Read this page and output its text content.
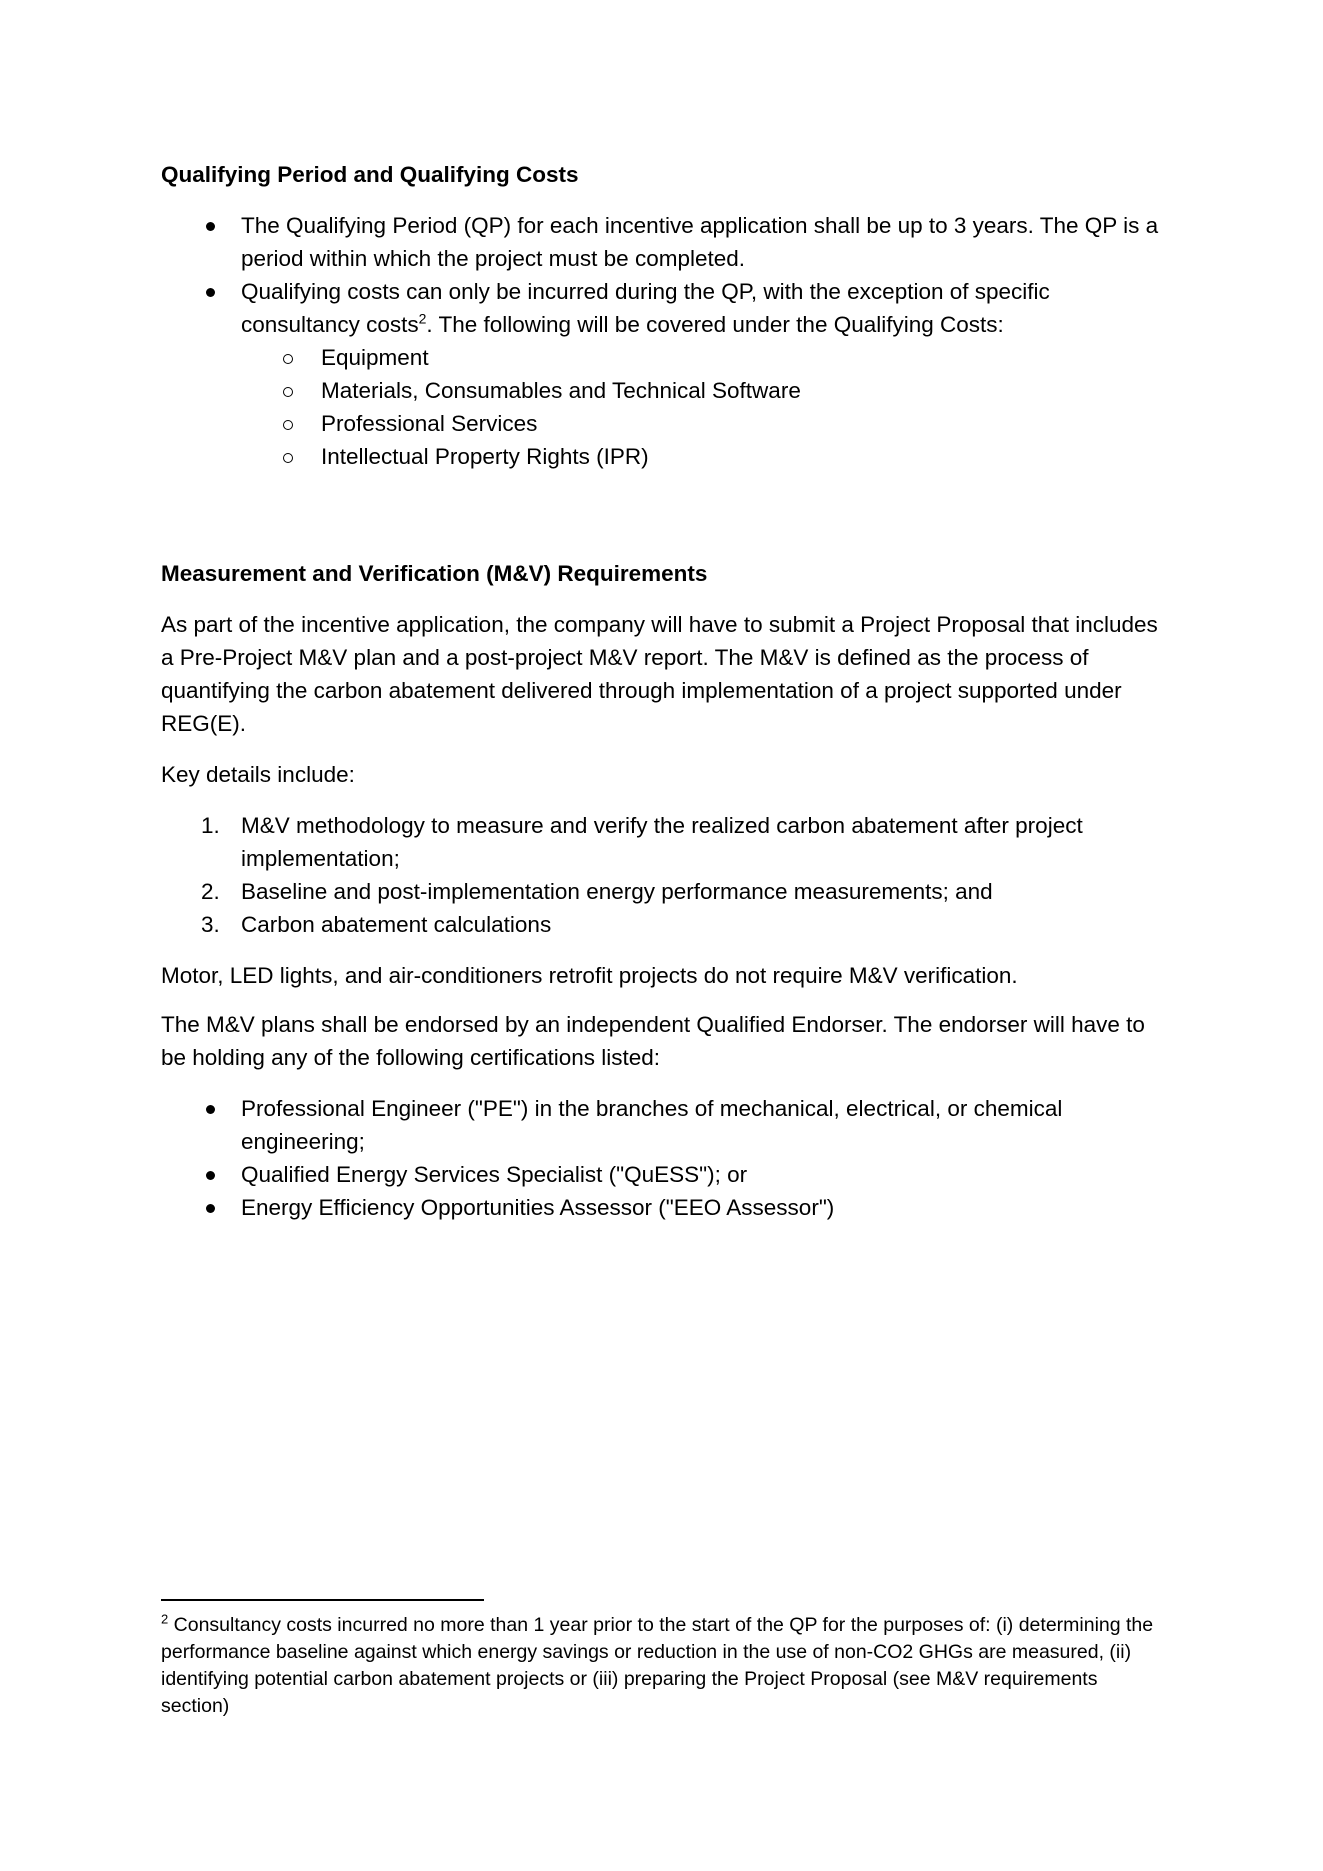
Qualifying Period and Qualifying Costs
The Qualifying Period (QP) for each incentive application shall be up to 3 years. The QP is a period within which the project must be completed.
Qualifying costs can only be incurred during the QP, with the exception of specific consultancy costs$^2$. The following will be covered under the Qualifying Costs:
Equipment
Materials, Consumables and Technical Software
Professional Services
Intellectual Property Rights (IPR)
Measurement and Verification (M&V) Requirements

As part of the incentive application, the company will have to submit a Project Proposal that includes a Pre-Project M&V plan and a post-project M&V report. The M&V is defined as the process of quantifying the carbon abatement delivered through implementation of a project supported under REG(E).

Key details include:

1. M&V methodology to measure and verify the realized carbon abatement after project implementation;
2. Baseline and post-implementation energy performance measurements; and
3. Carbon abatement calculations

Motor, LED lights, and air-conditioners retrofit projects do not require M&V verification.

The M&V plans shall be endorsed by an independent Qualified Endorser. The endorser will have to be holding any of the following certifications listed:

Professional Engineer ("PE") in the branches of mechanical, electrical, or chemical engineering;
Qualified Energy Services Specialist ("QuESS"); or
Energy Efficiency Opportunities Assessor ("EEO Assessor")
$^2$ Consultancy costs incurred no more than 1 year prior to the start of the QP for the purposes of: (i) determining the performance baseline against which energy savings or reduction in the use of non-CO2 GHGs are measured, (ii) identifying potential carbon abatement projects or (iii) preparing the Project Proposal (see M&V requirements section)
